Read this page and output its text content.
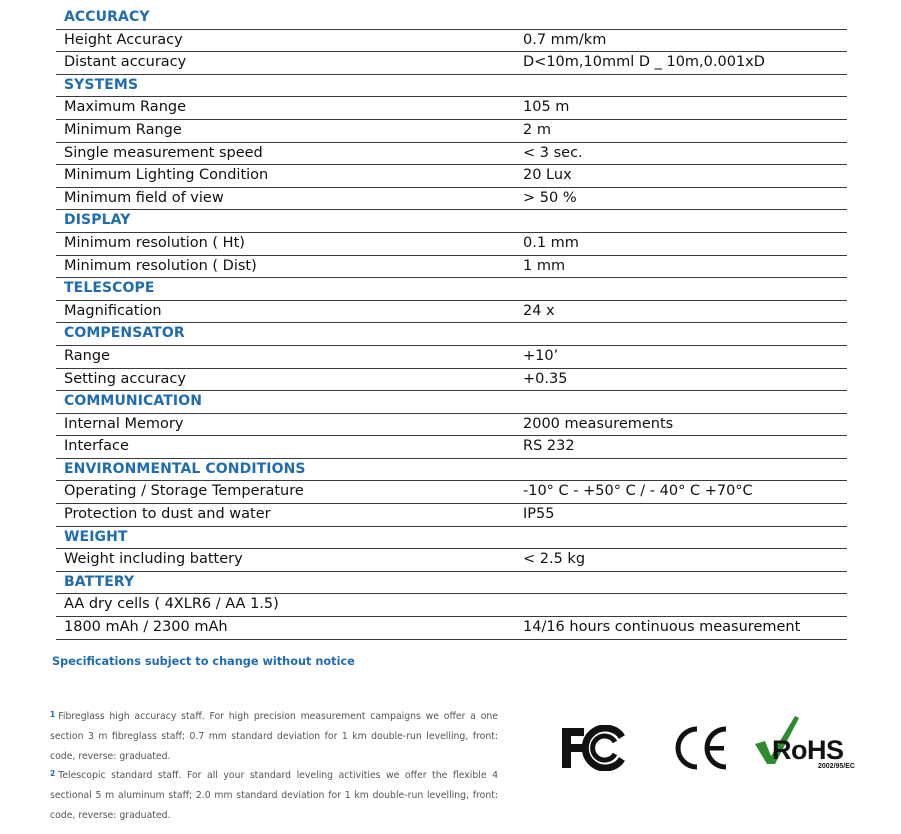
ACCURACY
Height Accuracy	0.7 mm/km
Distant accuracy	D<10m,10mml D _ 10m,0.001xD
SYSTEMS
Maximum Range	105 m
Minimum Range	2 m
Single measurement speed	< 3 sec.
Minimum Lighting Condition	20 Lux
Minimum field of view	> 50 %
DISPLAY
Minimum resolution ( Ht)	0.1 mm
Minimum resolution ( Dist)	1 mm
TELESCOPE
Magnification	24 x
COMPENSATOR
Range	+10’
Setting accuracy	+0.35
COMMUNICATION
Internal Memory	2000 measurements
Interface	RS 232
ENVIRONMENTAL CONDITIONS
Operating / Storage Temperature	-10° C - +50° C / - 40° C +70°C
Protection to dust and water	IP55
WEIGHT
Weight including battery	< 2.5 kg
BATTERY
AA dry cells ( 4XLR6 / AA 1.5)
1800 mAh / 2300 mAh	14/16 hours continuous measurement
Specifications subject to change without notice
$^1$ Fibreglass high accuracy staff. For high precision measurement campaigns we offer a one section 3 m fibreglass staff; 0.7 mm standard deviation for 1 km double-run levelling, front: code, reverse: graduated.
$^2$ Telescopic standard staff. For all your standard leveling activities we offer the flexible 4 sectional 5 m aluminum staff; 2.0 mm standard deviation for 1 km double-run levelling, front: code, reverse: graduated.
RoHS
2002/95/EC
